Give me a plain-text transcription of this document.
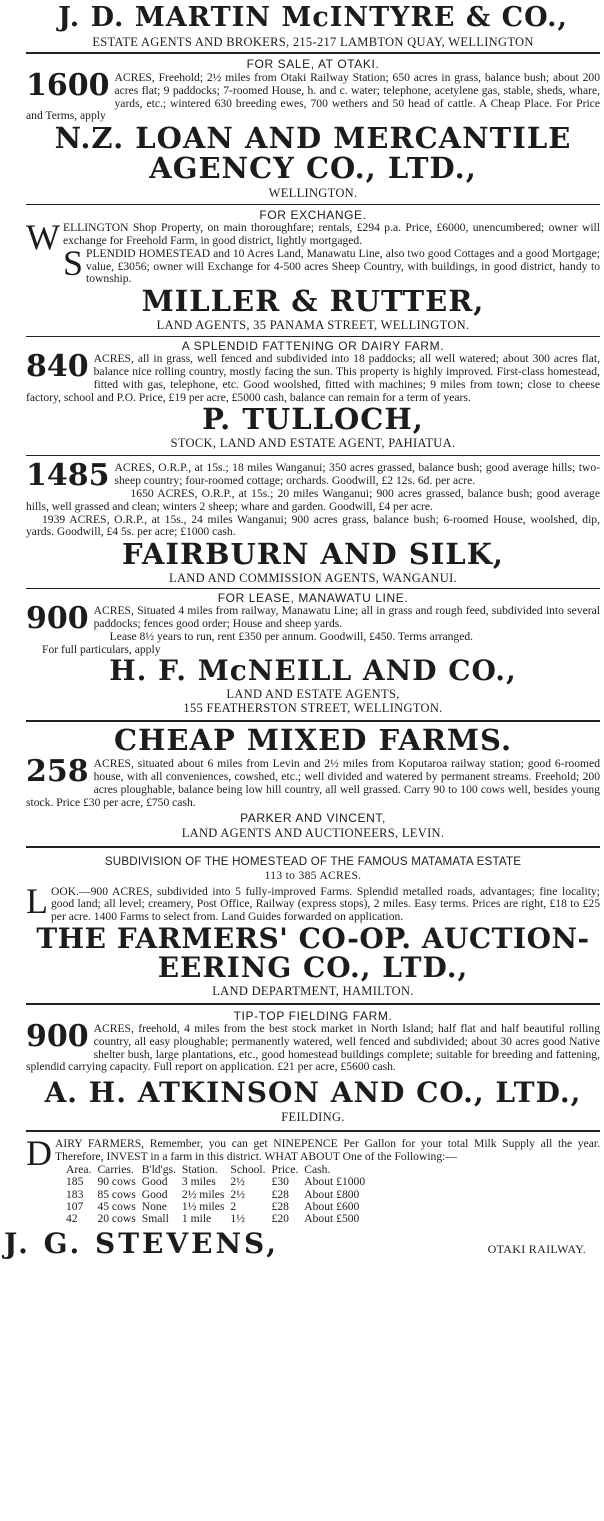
J. D. MARTIN McINTYRE & CO.,
ESTATE AGENTS AND BROKERS, 215-217 LAMBTON QUAY, WELLINGTON
FOR SALE, AT OTAKI.

1600 ACRES, Freehold; 2½ miles from Otaki Railway Station; 650 acres in grass, balance bush; about 200 acres flat; 9 paddocks; 7-roomed House, h. and c. water; telephone, acetylene gas, stable, sheds, whare, yards, etc.; wintered 630 breeding ewes, 700 wethers and 50 head of cattle. A Cheap Place. For Price and Terms, apply

N.Z. LOAN AND MERCANTILE
AGENCY CO., LTD.,
WELLINGTON.
FOR EXCHANGE.

WELLINGTON Shop Property, on main thoroughfare; rentals, £294 p.a. Price, £6000, unencumbered; owner will exchange for Freehold Farm, in good district, lightly mortgaged.

SPLENDID HOMESTEAD and 10 Acres Land, Manawatu Line, also two good Cottages and a good Mortgage; value, £3056; owner will Exchange for 4-500 acres Sheep Country, with buildings, in good district, handy to township.

MILLER & RUTTER,
LAND AGENTS, 35 PANAMA STREET, WELLINGTON.
A SPLENDID FATTENING OR DAIRY FARM.

840 ACRES, all in grass, well fenced and subdivided into 18 paddocks; all well watered; about 300 acres flat, balance nice rolling country, mostly facing the sun. This property is highly improved. First-class homestead, fitted with gas, telephone, etc. Good woolshed, fitted with machines; 9 miles from town; close to cheese factory, school and P.O. Price, £19 per acre, £5000 cash, balance can remain for a term of years.

P. TULLOCH,
STOCK, LAND AND ESTATE AGENT, PAHIATUA.

1485 ACRES, O.R.P., at 15s.; 18 miles Wanganui; 350 acres grassed, balance bush; good average hills; two-sheep country; four-roomed cottage; orchards. Goodwill, £2 12s. 6d. per acre.

1650 ACRES, O.R.P., at 15s.; 20 miles Wanganui; 900 acres grassed, balance bush; good average hills, well grassed and clean; winters 2 sheep; whare and garden. Goodwill, £4 per acre.

1939 ACRES, O.R.P., at 15s., 24 miles Wanganui; 900 acres grass, balance bush; 6-roomed House, woolshed, dip, yards. Goodwill, £4 5s. per acre; £1000 cash.

FAIRBURN AND SILK,
LAND AND COMMISSION AGENTS, WANGANUI.
FOR LEASE, MANAWATU LINE.

900 ACRES, Situated 4 miles from railway, Manawatu Line; all in grass and rough feed, subdivided into several paddocks; fences good order; House and sheep yards.

Lease 8½ years to run, rent £350 per annum. Goodwill, £450. Terms arranged.

For full particulars, apply

H. F. McNEILL AND CO.,
LAND AND ESTATE AGENTS,
155 FEATHERSTON STREET, WELLINGTON.
CHEAP MIXED FARMS.

258 ACRES, situated about 6 miles from Levin and 2½ miles from Koputaroa railway station; good 6-roomed house, with all conveniences, cowshed, etc.; well divided and watered by permanent streams. Freehold; 200 acres ploughable, balance being low hill country, all well grassed. Carry 90 to 100 cows well, besides young stock. Price £30 per acre, £750 cash.

PARKER AND VINCENT,
LAND AGENTS AND AUCTIONEERS, LEVIN.
SUBDIVISION OF THE HOMESTEAD OF THE FAMOUS MATAMATA ESTATE
113 to 385 ACRES.

LOOK.—900 ACRES, subdivided into 5 fully-improved Farms. Splendid metalled roads, advantages; fine locality; good land; all level; creamery, Post Office, Railway (express stops), 2 miles. Easy terms. Prices are right, £18 to £25 per acre. 1400 Farms to select from. Land Guides forwarded on application.

THE FARMERS' CO-OP. AUCTION-
EERING CO., LTD.,
LAND DEPARTMENT, HAMILTON.
TIP-TOP FIELDING FARM.

900 ACRES, freehold, 4 miles from the best stock market in North Island; half flat and half beautiful rolling country, all easy ploughable; permanently watered, well fenced and subdivided; about 30 acres good Native shelter bush, large plantations, etc., good homestead buildings complete; suitable for breeding and fattening, splendid carrying capacity. Full report on application. £21 per acre, £5600 cash.

A. H. ATKINSON AND CO., LTD.,
FEILDING.

DAIRY FARMERS, Remember, you can get NINEPENCE Per Gallon for your total Milk Supply all the year. Therefore, INVEST in a farm in this district. WHAT ABOUT One of the Following:—

Area.	Carries.	B'ld'gs.	Station.	School.	Price.	Cash.
185	90 cows	Good	3 miles	2½	£30	About £1000
183	85 cows	Good	2½ miles	2½	£28	About £800
107	45 cows	None	1½ miles	2	£28	About £600
42	20 cows	Small	1 mile	1½	£20	About £500
J. G. STEVENS,	OTAKI RAILWAY.
